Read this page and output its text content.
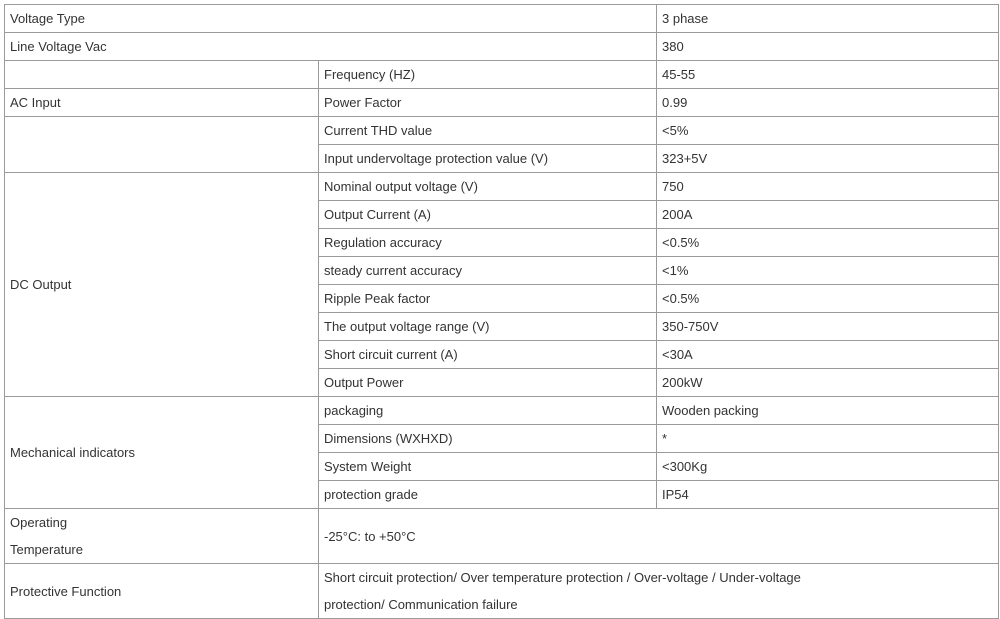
Voltage Type		3 phase
Line Voltage Vac		380
	Frequency (HZ)	45-55
AC Input	Power Factor	0.99
	Current THD value	<5%
	Input undervoltage protection value (V)	323+5V
DC Output	Nominal output voltage (V)	750
	Output Current (A)	200A
	Regulation accuracy	<0.5%
	steady current accuracy	<1%
	Ripple Peak factor	<0.5%
	The output voltage range (V)	350-750V
	Short circuit current (A)	<30A
	Output Power	200kW
Mechanical indicators	packaging	Wooden packing
	Dimensions (WXHXD)	*
	System Weight	<300Kg
	protection grade	IP54
Operating
Temperature	-25°C: to +50°C	
Protective Function	Short circuit protection/ Over temperature protection / Over-voltage / Under-voltage
protection/ Communication failure	
